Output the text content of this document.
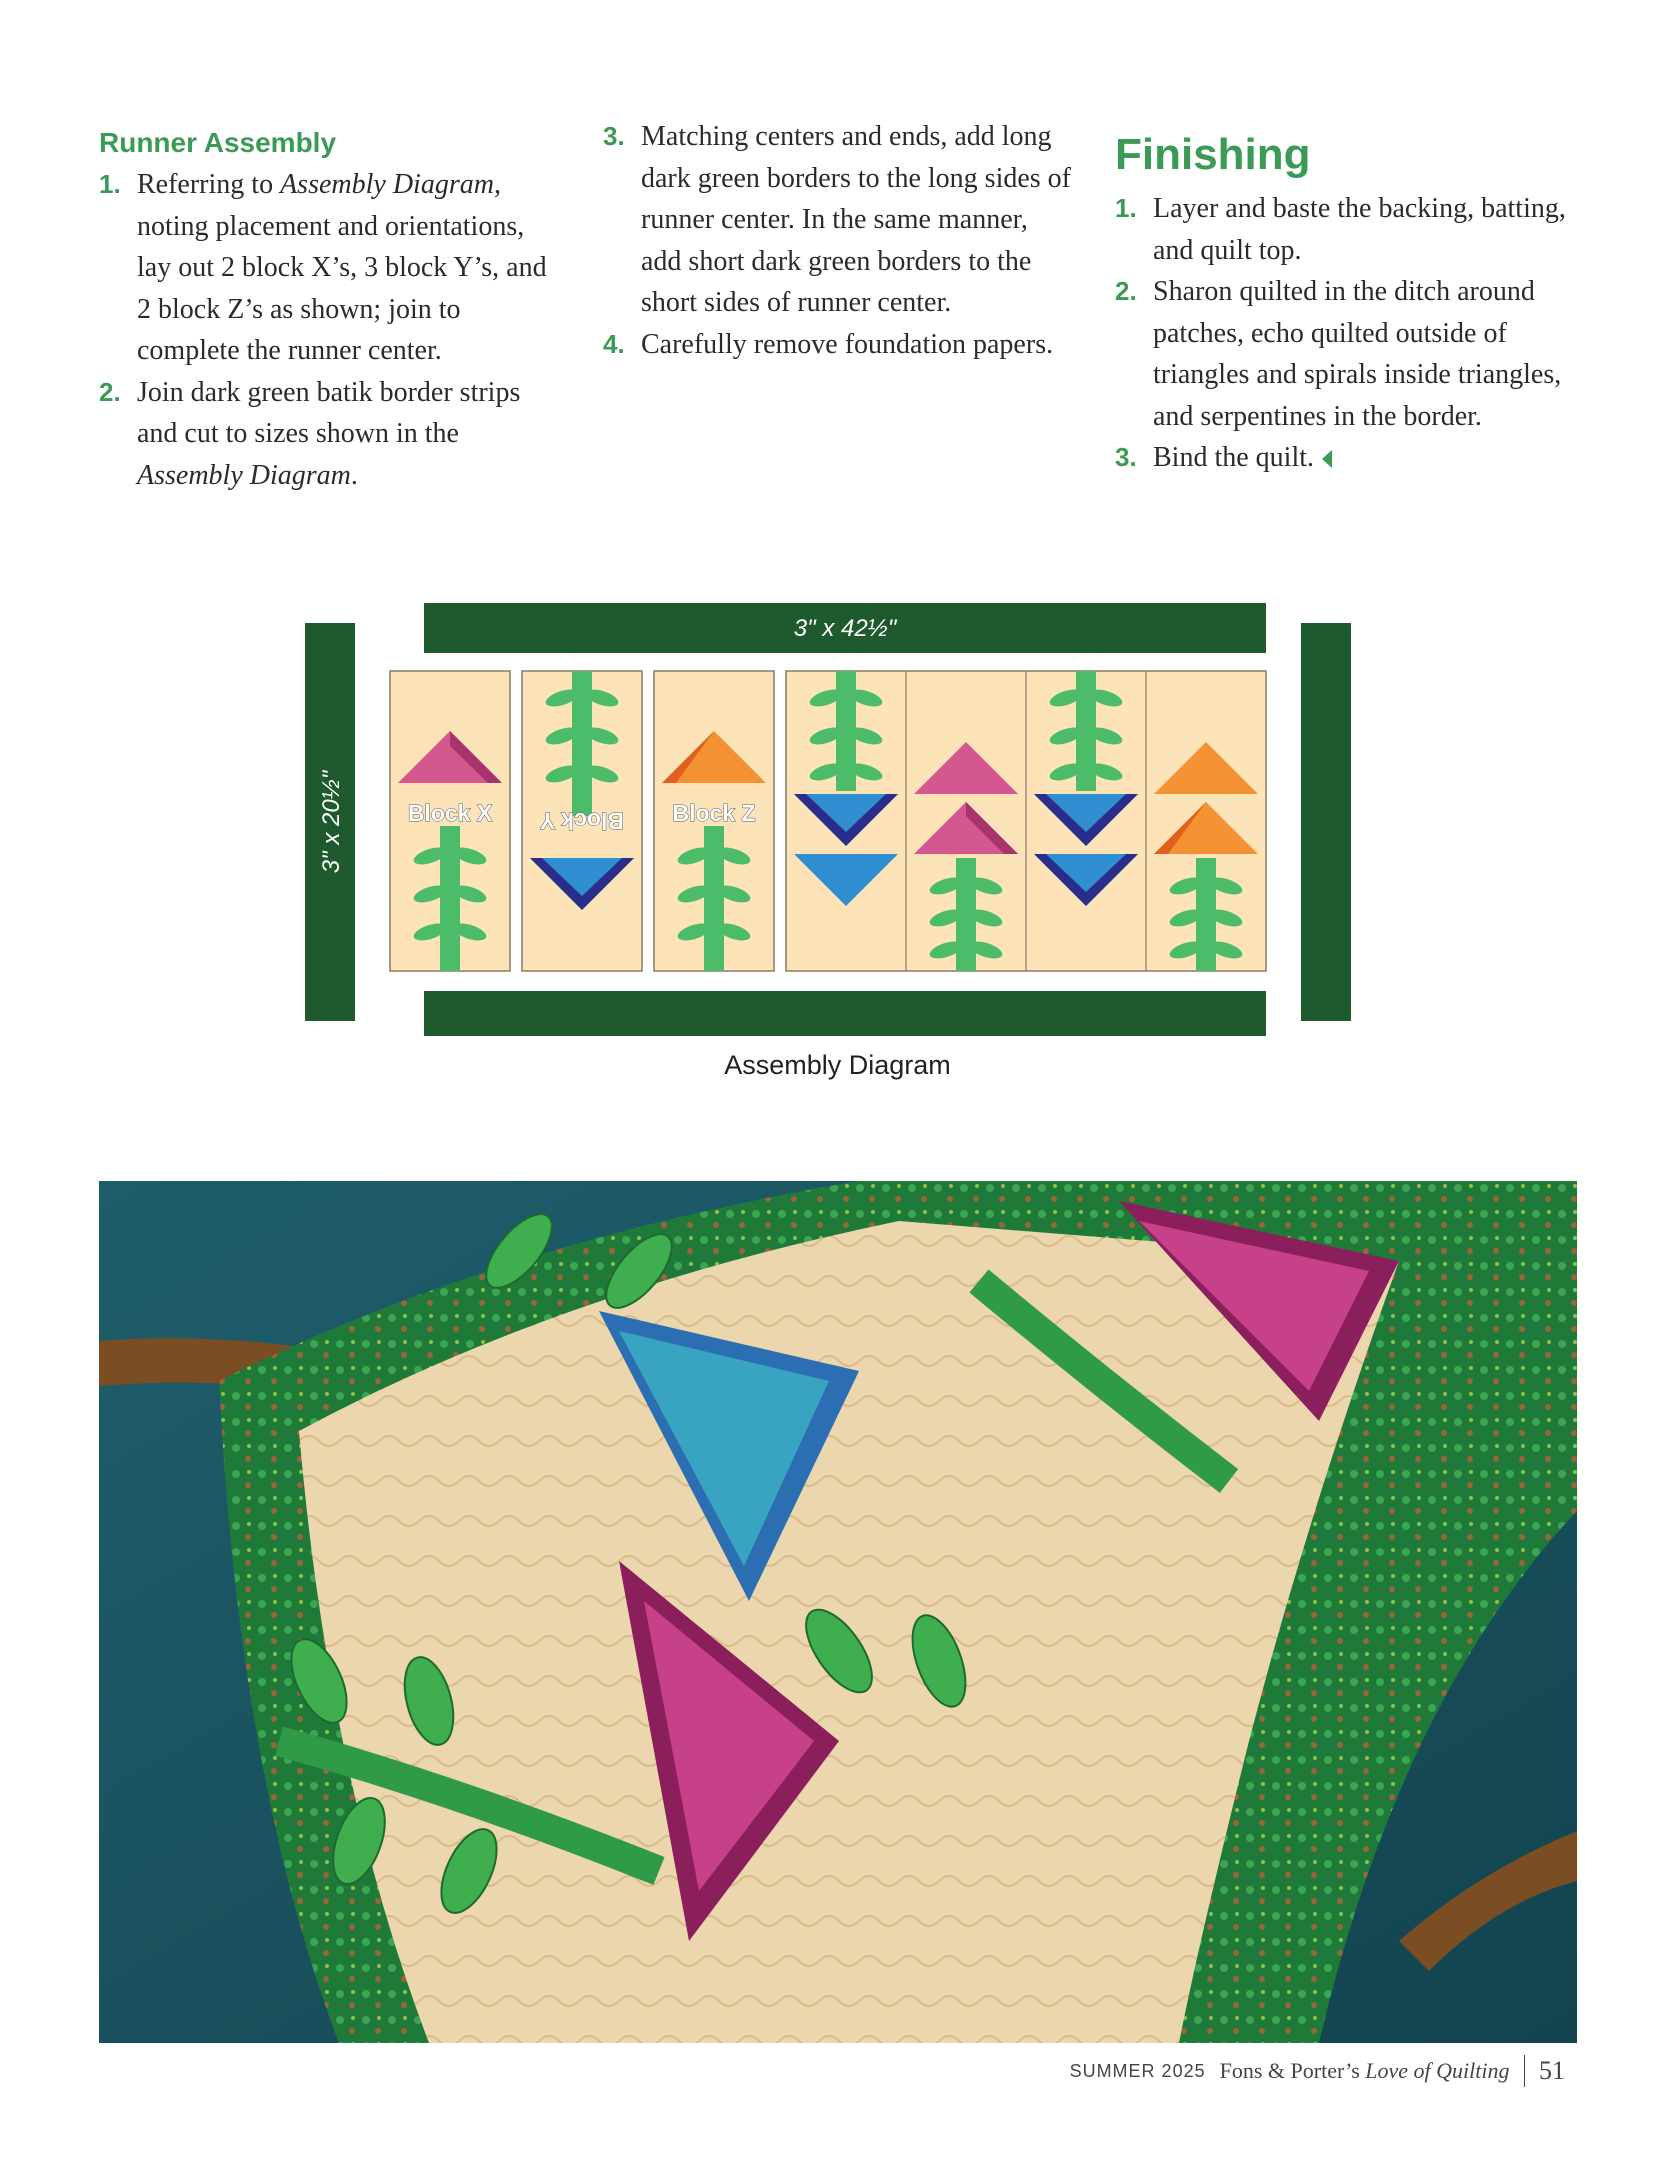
Runner Assembly

1. Referring to Assembly Diagram, noting placement and orientations, lay out 2 block X’s, 3 block Y’s, and 2 block Z’s as shown; join to complete the runner center.

2. Join dark green batik border strips and cut to sizes shown in the Assembly Diagram.

3. Matching centers and ends, add long dark green borders to the long sides of runner center. In the same manner, add short dark green borders to the short sides of runner center.

4. Carefully remove foundation papers.

Finishing

1. Layer and baste the backing, batting, and quilt top.

2. Sharon quilted in the ditch around patches, echo quilted outside of triangles and spirals inside triangles, and serpentines in the border.

3. Bind the quilt.

3" x 42½"
3" x 20½"	Block X Block Y Block Z
Assembly Diagram
SUMMER 2025 Fons & Porter’s Love of Quilting 51
